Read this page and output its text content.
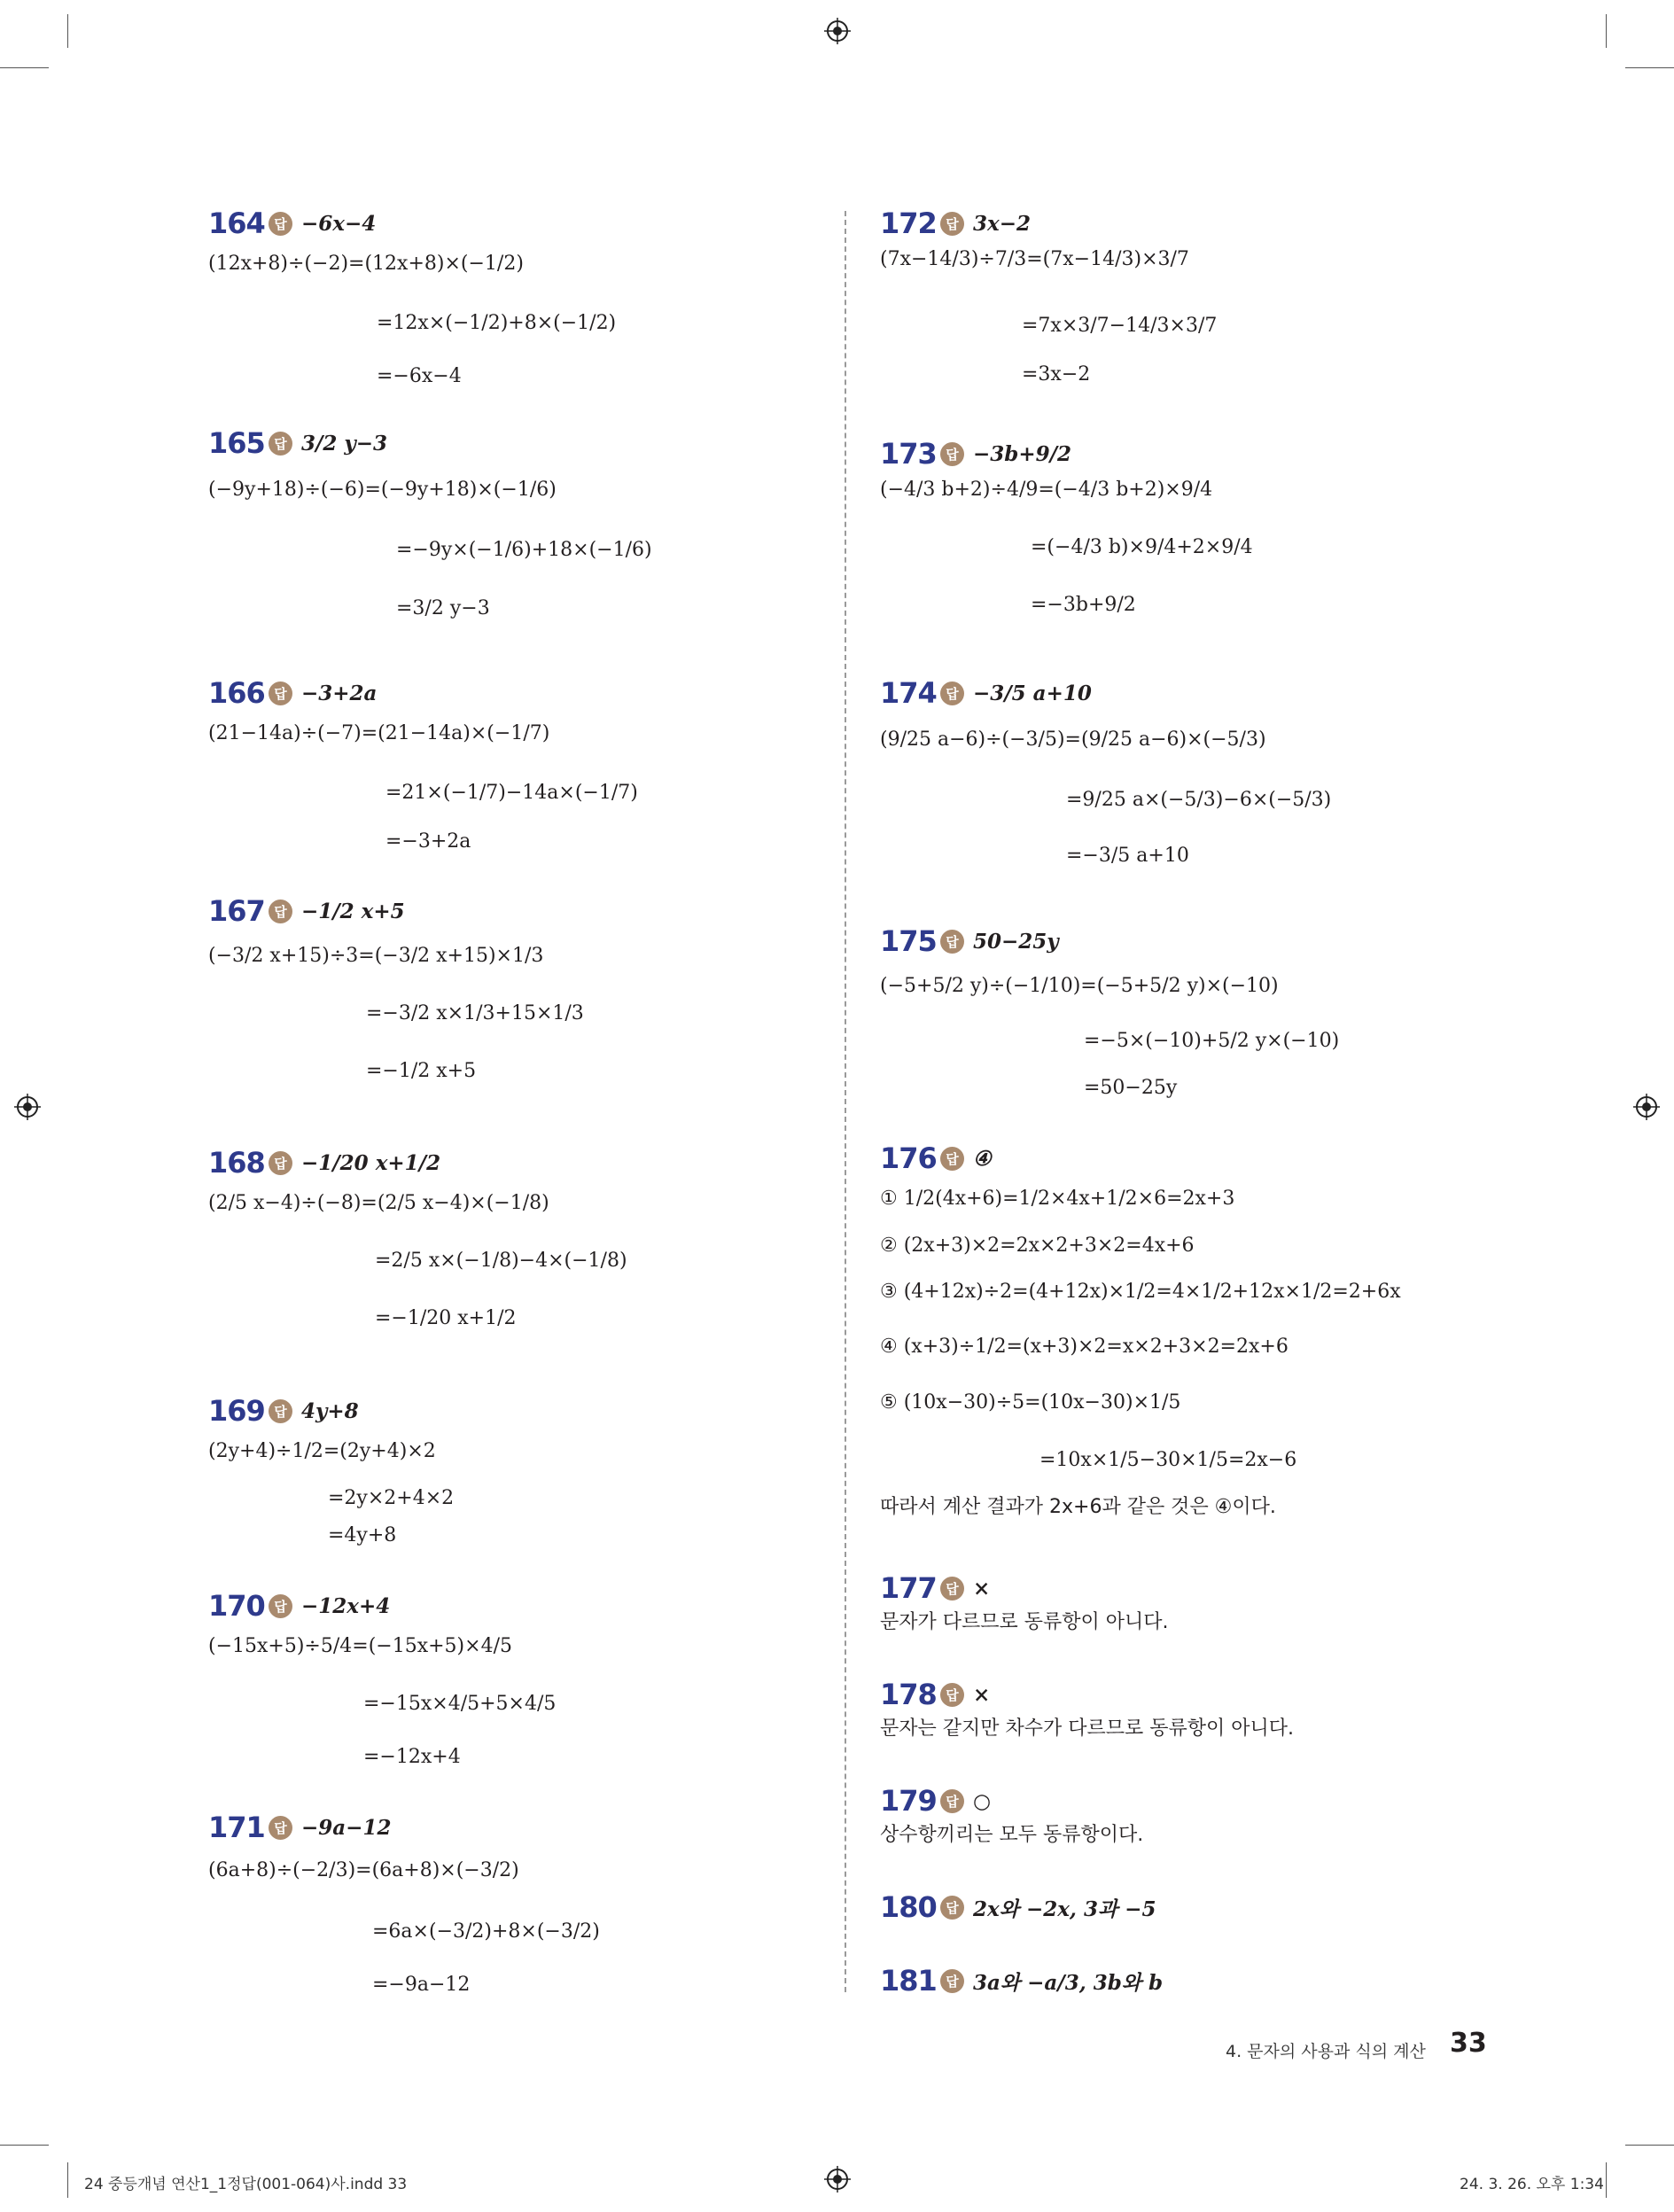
164 답 −6x−4
(12x+8)÷(−2)=(12x+8)×(−1/2)
=12x×(−1/2)+8×(−1/2)
=−6x−4
165 답 3/2 y−3
(−9y+18)÷(−6)=(−9y+18)×(−1/6)
=−9y×(−1/6)+18×(−1/6)
=3/2 y−3
166 답 −3+2a
(21−14a)÷(−7)=(21−14a)×(−1/7)
=21×(−1/7)−14a×(−1/7)
=−3+2a
167 답 −1/2 x+5
(−3/2 x+15)÷3=(−3/2 x+15)×1/3
=−3/2 x×1/3+15×1/3
=−1/2 x+5
168 답 −1/20 x+1/2
(2/5 x−4)÷(−8)=(2/5 x−4)×(−1/8)
=2/5 x×(−1/8)−4×(−1/8)
=−1/20 x+1/2
169 답 4y+8
(2y+4)÷1/2=(2y+4)×2
=2y×2+4×2
=4y+8
170 답 −12x+4
(−15x+5)÷5/4=(−15x+5)×4/5
=−15x×4/5+5×4/5
=−12x+4
171 답 −9a−12
(6a+8)÷(−2/3)=(6a+8)×(−3/2)
=6a×(−3/2)+8×(−3/2)
=−9a−12
172 답 3x−2
(7x−14/3)÷7/3=(7x−14/3)×3/7
=7x×3/7−14/3×3/7
=3x−2
173 답 −3b+9/2
(−4/3 b+2)÷4/9=(−4/3 b+2)×9/4
=(−4/3 b)×9/4+2×9/4
=−3b+9/2
174 답 −3/5 a+10
(9/25 a−6)÷(−3/5)=(9/25 a−6)×(−5/3)
=9/25 a×(−5/3)−6×(−5/3)
=−3/5 a+10
175 답 50−25y
(−5+5/2 y)÷(−1/10)=(−5+5/2 y)×(−10)
=−5×(−10)+5/2 y×(−10)
=50−25y
176 답 ④
① 1/2(4x+6)=1/2×4x+1/2×6=2x+3
② (2x+3)×2=2x×2+3×2=4x+6
③ (4+12x)÷2=(4+12x)×1/2=4×1/2+12x×1/2=2+6x
④ (x+3)÷1/2=(x+3)×2=x×2+3×2=2x+6
⑤ (10x−30)÷5=(10x−30)×1/5
=10x×1/5−30×1/5=2x−6
따라서 계산 결과가 2x+6과 같은 것은 ④이다.
177 답 ×
문자가 다르므로 동류항이 아니다.
178 답 ×
문자는 같지만 차수가 다르므로 동류항이 아니다.
179 답 ○
상수항끼리는 모두 동류항이다.
180 답 2x와 −2x, 3과 −5
181 답 3a와 −a/3, 3b와 b
4. 문자의 사용과 식의 계산 33
24 중등개념 연산1_1정답(001-064)사.indd 33	24. 3. 26. 오후 1:34
